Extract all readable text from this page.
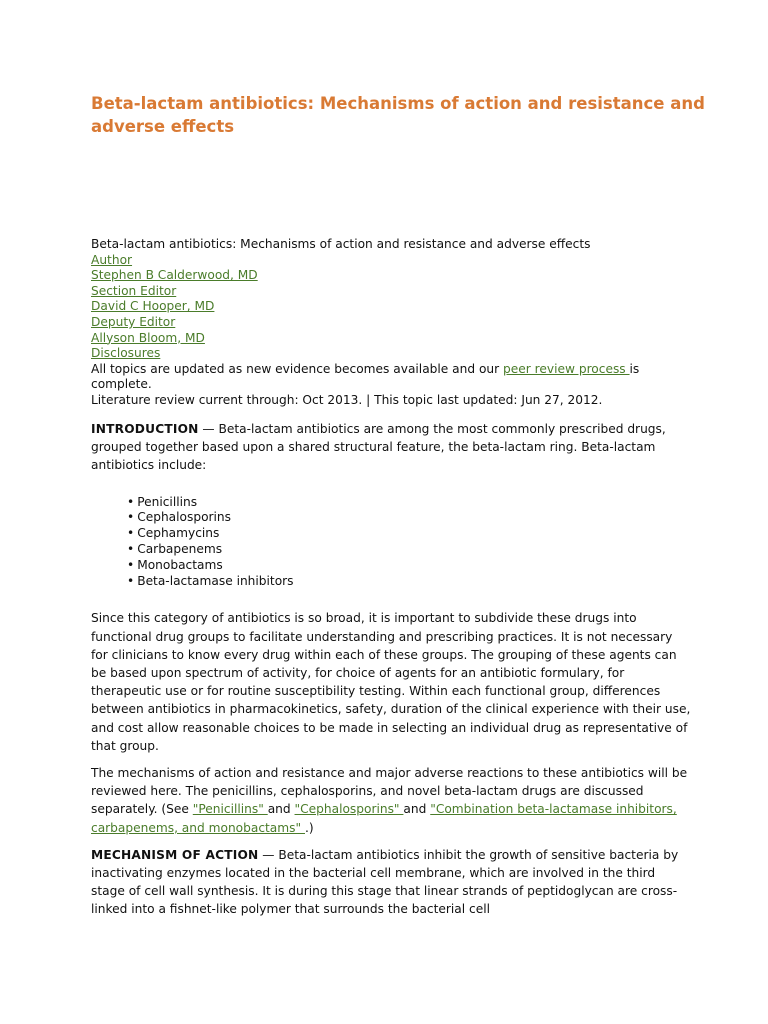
Beta-lactam antibiotics: Mechanisms of action and resistance and adverse effects
Beta-lactam antibiotics: Mechanisms of action and resistance and adverse effects
Author
Stephen B Calderwood, MD
Section Editor
David C Hooper, MD
Deputy Editor
Allyson Bloom, MD
Disclosures
All topics are updated as new evidence becomes available and our peer review process is complete.
Literature review current through: Oct 2013. | This topic last updated: Jun 27, 2012.

INTRODUCTION — Beta-lactam antibiotics are among the most commonly prescribed drugs, grouped together based upon a shared structural feature, the beta-lactam ring. Beta-lactam antibiotics include:

• Penicillins
• Cephalosporins
• Cephamycins
• Carbapenems
• Monobactams
• Beta-lactamase inhibitors

Since this category of antibiotics is so broad, it is important to subdivide these drugs into functional drug groups to facilitate understanding and prescribing practices. It is not necessary for clinicians to know every drug within each of these groups. The grouping of these agents can be based upon spectrum of activity, for choice of agents for an antibiotic formulary, for therapeutic use or for routine susceptibility testing. Within each functional group, differences between antibiotics in pharmacokinetics, safety, duration of the clinical experience with their use, and cost allow reasonable choices to be made in selecting an individual drug as representative of that group.

The mechanisms of action and resistance and major adverse reactions to these antibiotics will be reviewed here. The penicillins, cephalosporins, and novel beta-lactam drugs are discussed separately. (See "Penicillins" and "Cephalosporins" and "Combination beta-lactamase inhibitors, carbapenems, and monobactams" .)

MECHANISM OF ACTION — Beta-lactam antibiotics inhibit the growth of sensitive bacteria by inactivating enzymes located in the bacterial cell membrane, which are involved in the third stage of cell wall synthesis. It is during this stage that linear strands of peptidoglycan are cross-linked into a fishnet-like polymer that surrounds the bacterial cell
